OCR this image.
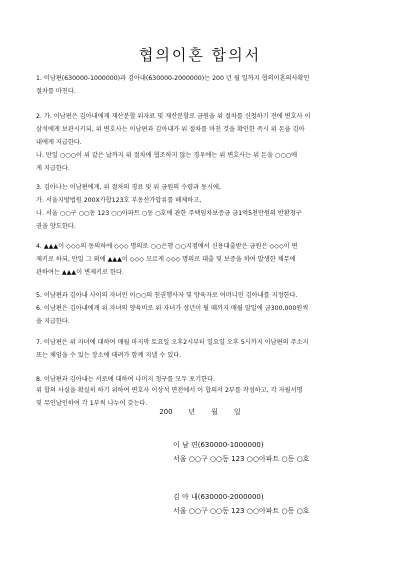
협의이혼 합의서

1. 이남편(630000-1000000)과 김아내(630000-2000000)는 200 년 월 일까지 협의이혼의사확인

절차를 마친다.

2. 가. 이남편은 김아내에게 재산분할 위자료 및 재산분할로 금원을 위 절차를 신청하기 전에 변호사 이

삼석에게 보관시키되, 위 변호사는 이남편과 김아내가 위 절차를 마친 것을 확인한 즉시 위 돈을 김아

내에게 지급한다.

나. 만일 ○○○이 위 같은 날까지 위 절차에 협조하지 않는 경우에는 위 변호사는 위 돈을 ○○○에

게 지급한다.

3. 김아나는 이남편에게, 위 절차의 경료 및 위 금원의 수령과 동시에,

가. 서울지방법원 200X카합123호 부동산가압류를 해제하고,

나. 서울 ○○구 ○○동 123 ○○아파트 ○동 ○호에 관한 주택임차보증금 금1억5천만원의 반환청구

권을 양도한다.

4. ▲▲▲이 ◇◇◇의 동의하에 ◇◇◇ 명의로 ○○은행 ○○지점에서 신용대출받은 금원은 ◇◇◇이 변

제키로 하되, 만일 그 외에 ▲▲▲이 ◇◇◇ 모르게 ◇◇◇ 명의로 대출 및 보증을 하여 발생한 채무에

관하여는 ▲▲▲이 변제키로 한다.

5. 이남편과 김아내 사이의 자녀인 이○○의 친권행사자 및 양육자로 어머니인 김아내를 지정한다.

6. 이남편은 김아내에게 위 자녀의 양육비로 위 자녀가 성년이 될 때까지 매월 말일에 금300,000원씩

을 지급한다.

7. 이남편은 위 자녀에 대하여 매월 마지막 토요일 오후2시부터 일요일 오후 5시까지 이남편의 주소지

또는 체임을 수 있는 장소에 데려가 함께 지낼 수 있다.

8. 이남편과 김아내는 서로에 대하여 나머지 청구를 모두 포기한다.

위 합의 사실을 확실히 하기 위하여 변호사 이상석 면전에서 이 합의서 2부를 작성하고, 각 자필서명

및 무인날인하여 각 1부씩 나누어 갖는다.

200 년 월 일

이 남 편(630000-1000000)

서울 ○○구 ○○동 123 ○○아파트 ○동 ○호

김 아 내(630000-2000000)

서울 ○○구 ○○동 123 ○○아파트 ○동 ○호
